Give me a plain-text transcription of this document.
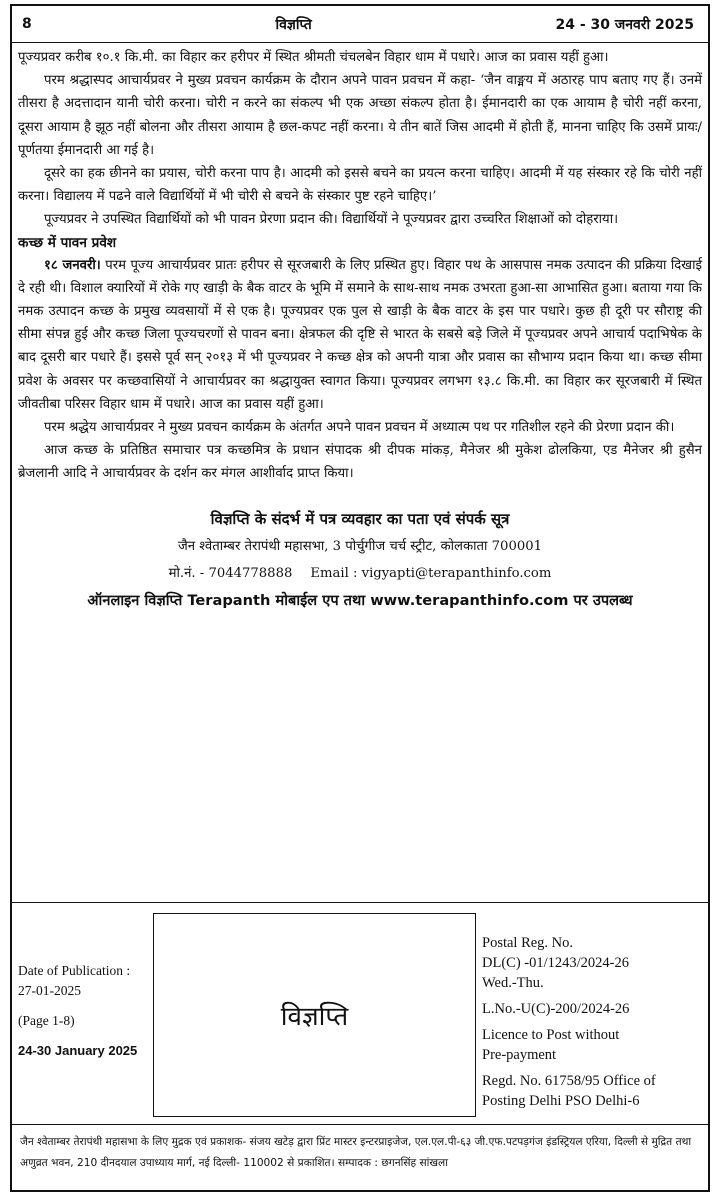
8	विज्ञप्ति	24 - 30 जनवरी 2025

पूज्यप्रवर करीब १०.१ कि.मी. का विहार कर हरीपर में स्थित श्रीमती चंचलबेन विहार धाम में पधारे। आज का प्रवास यहीं हुआ।

परम श्रद्धास्पद आचार्यप्रवर ने मुख्य प्रवचन कार्यक्रम के दौरान अपने पावन प्रवचन में कहा- ‘जैन वाङ्मय में अठारह पाप बताए गए हैं। उनमें तीसरा है अदत्तादान यानी चोरी करना। चोरी न करने का संकल्प भी एक अच्छा संकल्प होता है। ईमानदारी का एक आयाम है चोरी नहीं करना, दूसरा आयाम है झूठ नहीं बोलना और तीसरा आयाम है छल-कपट नहीं करना। ये तीन बातें जिस आदमी में होती हैं, मानना चाहिए कि उसमें प्रायः/पूर्णतया ईमानदारी आ गई है।

दूसरे का हक छीनने का प्रयास, चोरी करना पाप है। आदमी को इससे बचने का प्रयत्न करना चाहिए। आदमी में यह संस्कार रहे कि चोरी नहीं करना। विद्यालय में पढने वाले विद्यार्थियों में भी चोरी से बचने के संस्कार पुष्ट रहने चाहिए।’

पूज्यप्रवर ने उपस्थित विद्यार्थियों को भी पावन प्रेरणा प्रदान की। विद्यार्थियों ने पूज्यप्रवर द्वारा उच्चरित शिक्षाओं को दोहराया।

कच्छ में पावन प्रवेश

१८ जनवरी। परम पूज्य आचार्यप्रवर प्रातः हरीपर से सूरजबारी के लिए प्रस्थित हुए। विहार पथ के आसपास नमक उत्पादन की प्रक्रिया दिखाई दे रही थी। विशाल क्यारियों में रोके गए खाड़ी के बैक वाटर के भूमि में समाने के साथ-साथ नमक उभरता हुआ-सा आभासित हुआ। बताया गया कि नमक उत्पादन कच्छ के प्रमुख व्यवसायों में से एक है। पूज्यप्रवर एक पुल से खाड़ी के बैक वाटर के इस पार पधारे। कुछ ही दूरी पर सौराष्ट्र की सीमा संपन्न हुई और कच्छ जिला पूज्यचरणों से पावन बना। क्षेत्रफल की दृष्टि से भारत के सबसे बड़े जिले में पूज्यप्रवर अपने आचार्य पदाभिषेक के बाद दूसरी बार पधारे हैं। इससे पूर्व सन् २०१३ में भी पूज्यप्रवर ने कच्छ क्षेत्र को अपनी यात्रा और प्रवास का सौभाग्य प्रदान किया था। कच्छ सीमा प्रवेश के अवसर पर कच्छवासियों ने आचार्यप्रवर का श्रद्धायुक्त स्वागत किया। पूज्यप्रवर लगभग १३.८ कि.मी. का विहार कर सूरजबारी में स्थित जीवतीबा परिसर विहार धाम में पधारे। आज का प्रवास यहीं हुआ।

परम श्रद्धेय आचार्यप्रवर ने मुख्य प्रवचन कार्यक्रम के अंतर्गत अपने पावन प्रवचन में अध्यात्म पथ पर गतिशील रहने की प्रेरणा प्रदान की।

आज कच्छ के प्रतिष्ठित समाचार पत्र कच्छमित्र के प्रधान संपादक श्री दीपक मांकड़, मैनेजर श्री मुकेश ढोलकिया, एड मैनेजर श्री हुसैन ब्रेजलानी आदि ने आचार्यप्रवर के दर्शन कर मंगल आशीर्वाद प्राप्त किया।

विज्ञप्ति के संदर्भ में पत्र व्यवहार का पता एवं संपर्क सूत्र
जैन श्वेताम्बर तेरापंथी महासभा, 3 पोर्चुगीज चर्च स्ट्रीट, कोलकाता 700001
मो.नं. - 7044778888 Email : vigyapti@terapanthinfo.com
ऑनलाइन विज्ञप्ति Terapanth मोबाईल एप तथा www.terapanthinfo.com पर उपलब्ध
Date of Publication :
27-01-2025
(Page 1-8)
24-30 January 2025
विज्ञप्ति
Postal Reg. No.
DL(C) -01/1243/2024-26
Wed.-Thu.
L.No.-U(C)-200/2024-26
Licence to Post without
Pre-payment
Regd. No. 61758/95 Office of
Posting Delhi PSO Delhi-6
जैन श्वेताम्बर तेरापंथी महासभा के लिए मुद्रक एवं प्रकाशक- संजय खटेड़ द्वारा प्रिंट मास्टर इन्टरप्राइजेज, एल.एल.पी-६३ जी.एफ.पटपड़गंज इंडस्ट्रियल एरिया, दिल्ली से मुद्रित तथा अणुव्रत भवन, 210 दीनदयाल उपाध्याय मार्ग, नई दिल्ली- 110002 से प्रकाशित। सम्पादक : छगनसिंह सांखला
